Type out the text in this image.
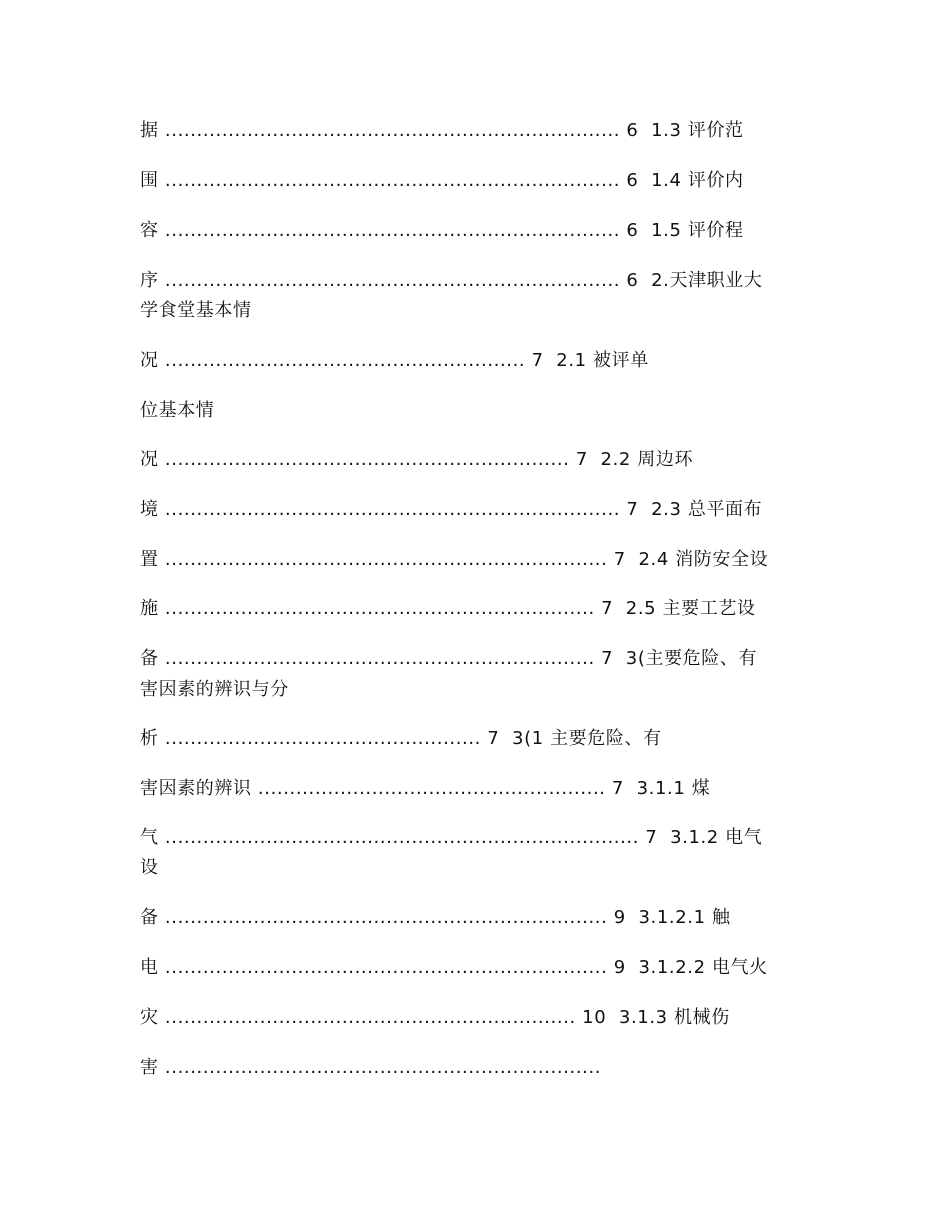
据 ........................................................................ 6  1.3 评价范
围 ........................................................................ 6  1.4 评价内
容 ........................................................................ 6  1.5 评价程
序 ........................................................................ 6  2.天津职业大
学食堂基本情
况 ......................................................... 7  2.1 被评单
位基本情
况 ................................................................ 7  2.2 周边环
境 ........................................................................ 7  2.3 总平面布
置 ...................................................................... 7  2.4 消防安全设
施 .................................................................... 7  2.5 主要工艺设
备 .................................................................... 7  3(主要危险、有
害因素的辨识与分
析 .................................................. 7  3(1 主要危险、有
害因素的辨识 ....................................................... 7  3.1.1 煤
气 ........................................................................... 7  3.1.2 电气
设
备 ...................................................................... 9  3.1.2.1 触
电 ...................................................................... 9  3.1.2.2 电气火
灾 ................................................................. 10  3.1.3 机械伤
害 .....................................................................
